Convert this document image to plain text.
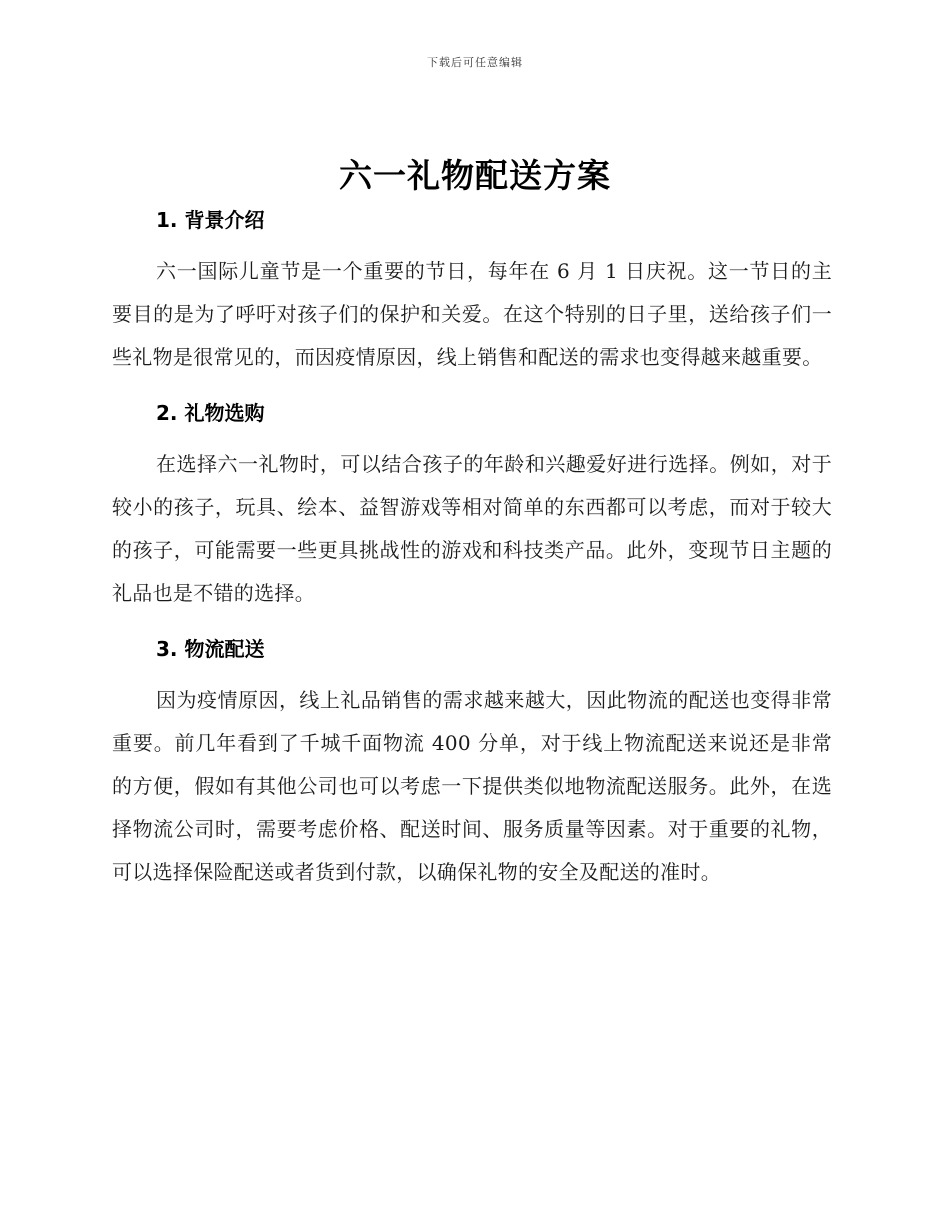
下载后可任意编辑
六一礼物配送方案
1. 背景介绍

六一国际儿童节是一个重要的节日，每年在 6 月 1 日庆祝。这一节日的主要目的是为了呼吁对孩子们的保护和关爱。在这个特别的日子里，送给孩子们一些礼物是很常见的，而因疫情原因，线上销售和配送的需求也变得越来越重要。

2. 礼物选购

在选择六一礼物时，可以结合孩子的年龄和兴趣爱好进行选择。例如，对于较小的孩子，玩具、绘本、益智游戏等相对简单的东西都可以考虑，而对于较大的孩子，可能需要一些更具挑战性的游戏和科技类产品。此外，变现节日主题的礼品也是不错的选择。

3. 物流配送

因为疫情原因，线上礼品销售的需求越来越大，因此物流的配送也变得非常重要。前几年看到了千城千面物流 400 分单，对于线上物流配送来说还是非常的方便，假如有其他公司也可以考虑一下提供类似地物流配送服务。此外，在选择物流公司时，需要考虑价格、配送时间、服务质量等因素。对于重要的礼物，可以选择保险配送或者货到付款，以确保礼物的安全及配送的准时。
